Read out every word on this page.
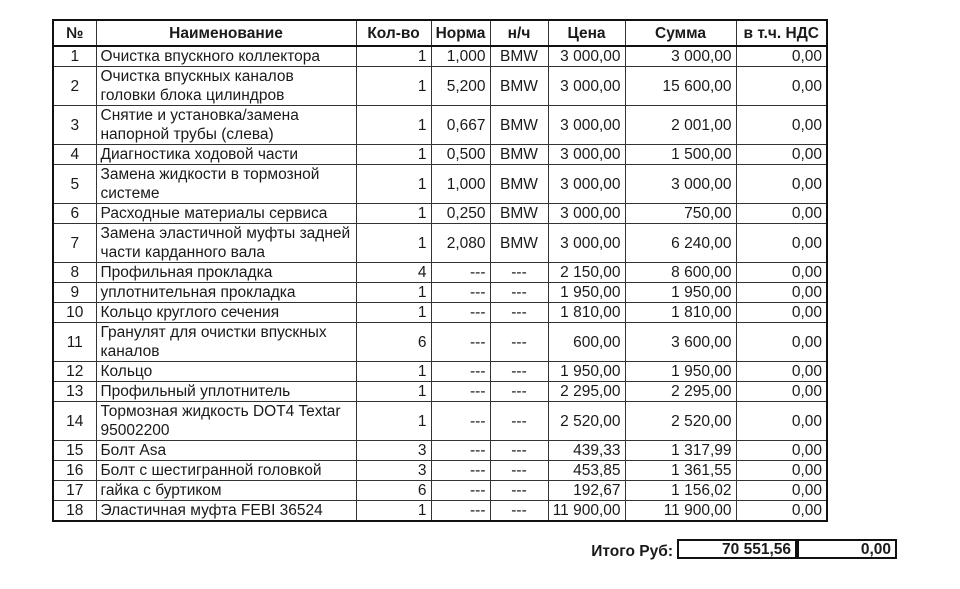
№	Наименование	Кол-во	Норма	н/ч	Цена	Сумма	в т.ч. НДС
1	Очистка впускного коллектора	1	1,000	BMW	3 000,00	3 000,00	0,00
2	Очистка впускных каналов головки блока цилиндров	1	5,200	BMW	3 000,00	15 600,00	0,00
3	Снятие и установка/замена напорной трубы (слева)	1	0,667	BMW	3 000,00	2 001,00	0,00
4	Диагностика ходовой части	1	0,500	BMW	3 000,00	1 500,00	0,00
5	Замена жидкости в тормозной системе	1	1,000	BMW	3 000,00	3 000,00	0,00
6	Расходные материалы сервиса	1	0,250	BMW	3 000,00	750,00	0,00
7	Замена эластичной муфты задней части карданного вала	1	2,080	BMW	3 000,00	6 240,00	0,00
8	Профильная прокладка	4	---	---	2 150,00	8 600,00	0,00
9	уплотнительная прокладка	1	---	---	1 950,00	1 950,00	0,00
10	Кольцо круглого сечения	1	---	---	1 810,00	1 810,00	0,00
11	Гранулят для очистки впускных каналов	6	---	---	600,00	3 600,00	0,00
12	Кольцо	1	---	---	1 950,00	1 950,00	0,00
13	Профильный уплотнитель	1	---	---	2 295,00	2 295,00	0,00
14	Тормозная жидкость DOT4 Textar 95002200	1	---	---	2 520,00	2 520,00	0,00
15	Болт Asa	3	---	---	439,33	1 317,99	0,00
16	Болт с шестигранной головкой	3	---	---	453,85	1 361,55	0,00
17	гайка с буртиком	6	---	---	192,67	1 156,02	0,00
18	Эластичная муфта FEBI 36524	1	---	---	11 900,00	11 900,00	0,00
Итого Руб:	70 551,56	0,00
